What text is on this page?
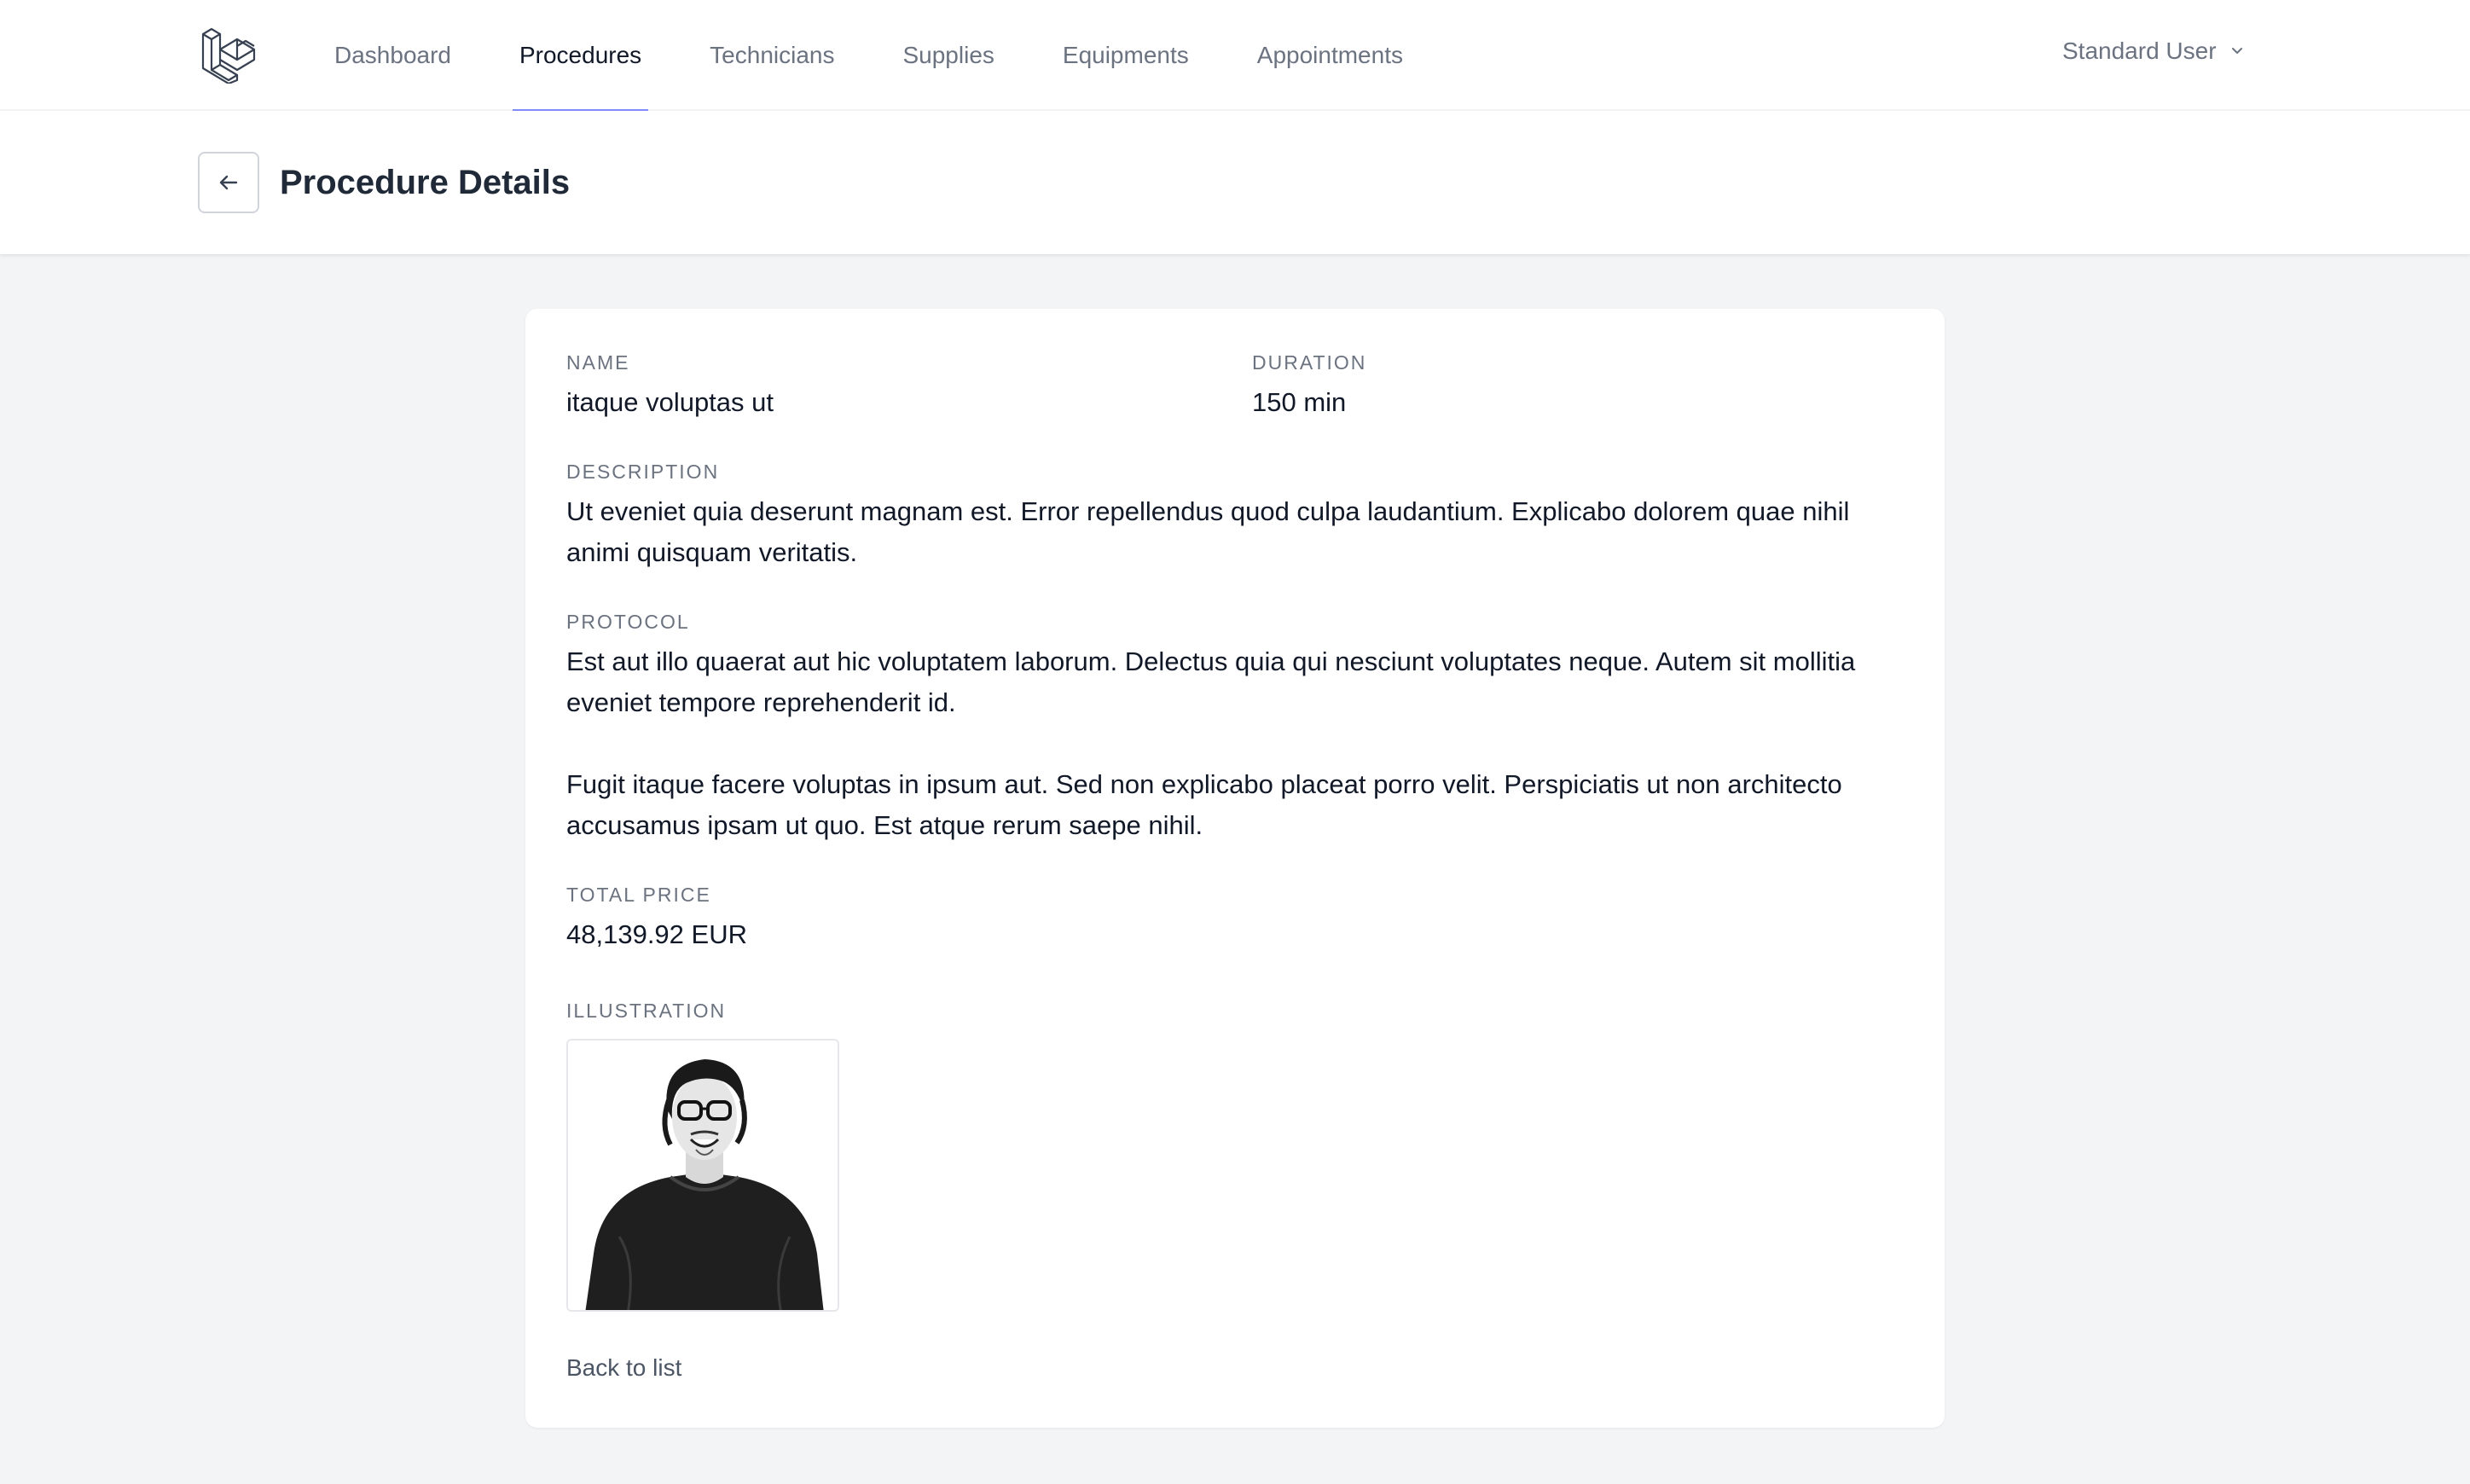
Dashboard	Procedures	Technicians	Supplies	Equipments	Appointments	Standard User
Procedure Details
NAME
itaque voluptas ut
DURATION
150 min
DESCRIPTION
Ut eveniet quia deserunt magnam est. Error repellendus quod culpa laudantium. Explicabo dolorem quae nihil animi quisquam veritatis.
PROTOCOL
Est aut illo quaerat aut hic voluptatem laborum. Delectus quia qui nesciunt voluptates neque. Autem sit mollitia eveniet tempore reprehenderit id.
Fugit itaque facere voluptas in ipsum aut. Sed non explicabo placeat porro velit. Perspiciatis ut non architecto accusamus ipsam ut quo. Est atque rerum saepe nihil.
TOTAL PRICE
48,139.92 EUR
ILLUSTRATION
Back to list
